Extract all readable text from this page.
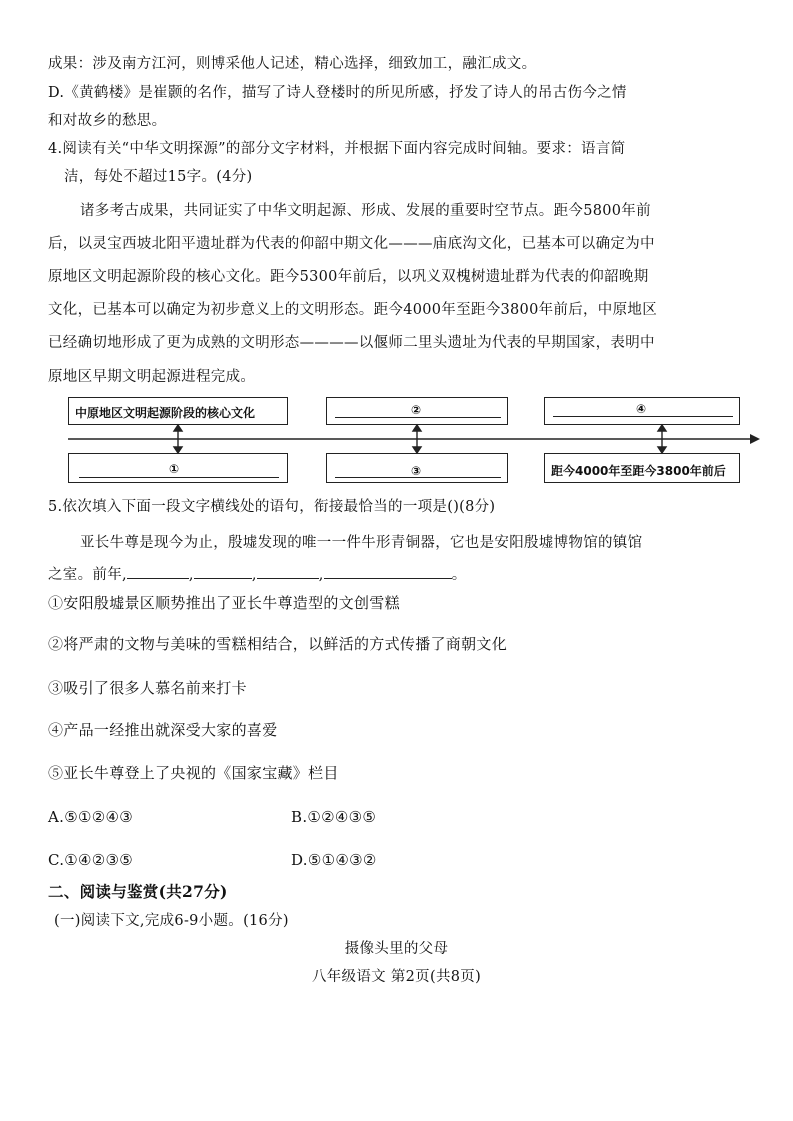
成果：涉及南方江河，则博采他人记述，精心选择，细致加工，融汇成文。
D.《黄鹤楼》是崔颢的名作，描写了诗人登楼时的所见所感，抒发了诗人的吊古伤今之情
和对故乡的愁思。
4.阅读有关“中华文明探源”的部分文字材料，并根据下面内容完成时间轴。要求：语言简
洁，每处不超过15字。(4分)
诸多考古成果，共同证实了中华文明起源、形成、发展的重要时空节点。距今5800年前
后，以灵宝西坡北阳平遗址群为代表的仰韶中期文化———庙底沟文化，已基本可以确定为中
原地区文明起源阶段的核心文化。距今5300年前后，以巩义双槐树遗址群为代表的仰韶晚期
文化，已基本可以确定为初步意义上的文明形态。距今4000年至距今3800年前后，中原地区
已经确切地形成了更为成熟的文明形态————以偃师二里头遗址为代表的早期国家，表明中
原地区早期文明起源进程完成。
中原地区文明起源阶段的核心文化	②	④
①	③	距今4000年至距今3800年前后
5.依次填入下面一段文字横线处的语句，衔接最恰当的一项是()(8分)
亚长牛尊是现今为止，殷墟发现的唯一一件牛形青铜器，它也是安阳殷墟博物馆的镇馆
之室。前年,	,	,	,	。
①安阳殷墟景区顺势推出了亚长牛尊造型的文创雪糕
②将严肃的文物与美味的雪糕相结合，以鲜活的方式传播了商朝文化
③吸引了很多人慕名前来打卡
④产品一经推出就深受大家的喜爱
⑤亚长牛尊登上了央视的《国家宝藏》栏目
A.⑤①②④③	B.①②④③⑤
C.①④②③⑤	D.⑤①④③②
二、阅读与鉴赏(共27分)
(一)阅读下文,完成6-9小题。(16分)
摄像头里的父母
八年级语文 第2页(共8页)
